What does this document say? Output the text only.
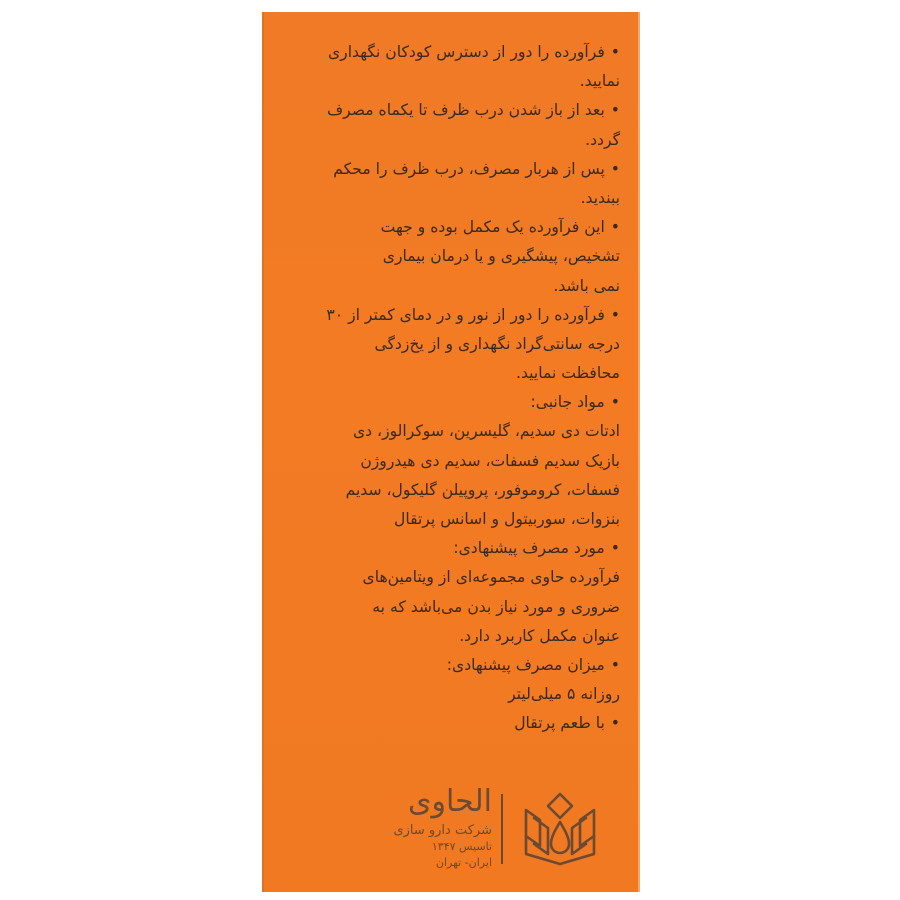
• فرآورده را دور از دسترس کودکان نگهداری
نمایید.
• بعد از باز شدن درب ظرف تا یکماه مصرف
گردد.
• پس از هربار مصرف، درب ظرف را محکم
ببندید.
• این فرآورده یک مکمل بوده و جهت
تشخیص، پیشگیری و یا درمان بیماری
نمی باشد.
• فرآورده را دور از نور و در دمای کمتر از ۳۰
درجه سانتی‌گراد نگهداری و از یخ‌زدگی
محافظت نمایید.
• مواد جانبی:
ادتات دی سدیم، گلیسرین، سوکرالوز، دی
بازیک سدیم فسفات، سدیم دی هیدروژن
فسفات، کروموفور، پروپیلن گلیکول، سدیم
بنزوات، سوربیتول و اسانس پرتقال
• مورد مصرف پیشنهادی:
فرآورده حاوی مجموعه‌ای از ویتامین‌های
ضروری و مورد نیاز بدن می‌باشد که به
عنوان مکمل کاربرد دارد.
• میزان مصرف پیشنهادی:
روزانه ۵ میلی‌لیتر
• با طعم پرتقال
الحاوی
شرکت دارو سازی
تاسیس ۱۳۴۷
ایران- تهران
